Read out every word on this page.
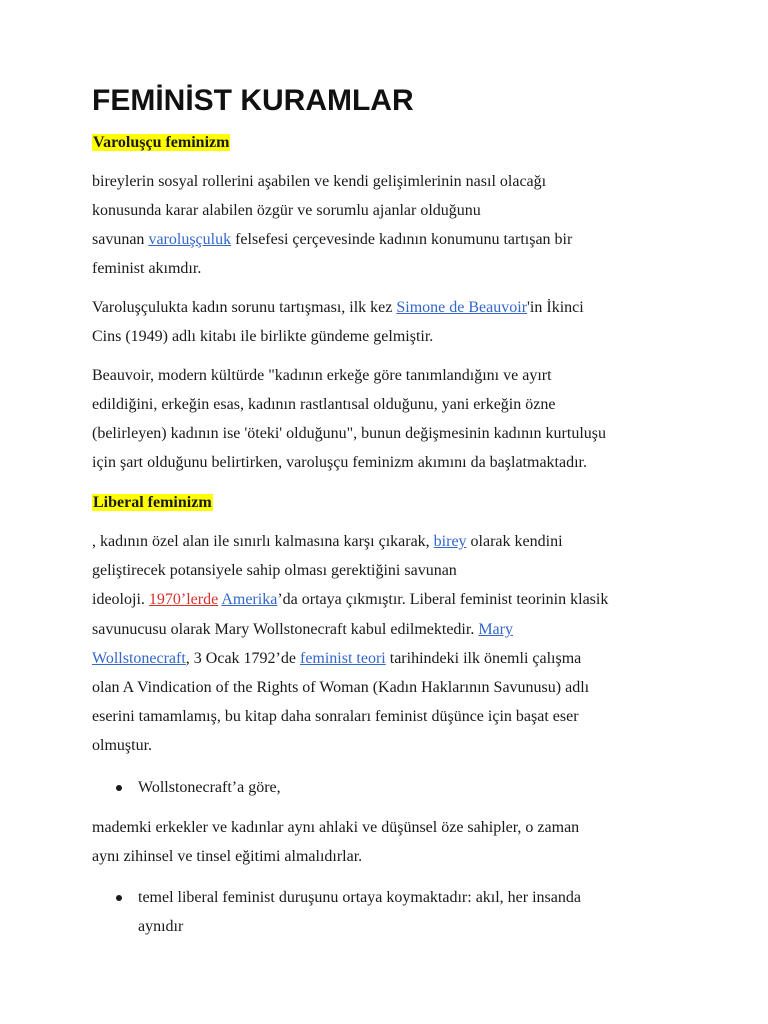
FEMİNİST KURAMLAR

Varoluşçu feminizm

bireylerin sosyal rollerini aşabilen ve kendi gelişimlerinin nasıl olacağı

konusunda karar alabilen özgür ve sorumlu ajanlar olduğunu

savunan varoluşçuluk felsefesi çerçevesinde kadının konumunu tartışan bir

feminist akımdır.

Varoluşçulukta kadın sorunu tartışması, ilk kez Simone de Beauvoir'in İkinci

Cins (1949) adlı kitabı ile birlikte gündeme gelmiştir.

Beauvoir, modern kültürde "kadının erkeğe göre tanımlandığını ve ayırt

edildiğini, erkeğin esas, kadının rastlantısal olduğunu, yani erkeğin özne

(belirleyen) kadının ise 'öteki' olduğunu", bunun değişmesinin kadının kurtuluşu

için şart olduğunu belirtirken, varoluşçu feminizm akımını da başlatmaktadır.

Liberal feminizm

, kadının özel alan ile sınırlı kalmasına karşı çıkarak, birey olarak kendini

geliştirecek potansiyele sahip olması gerektiğini savunan

ideoloji. 1970’lerde Amerika’da ortaya çıkmıştır. Liberal feminist teorinin klasik

savunucusu olarak Mary Wollstonecraft kabul edilmektedir. Mary

Wollstonecraft, 3 Ocak 1792’de feminist teori tarihindeki ilk önemli çalışma

olan A Vindication of the Rights of Woman (Kadın Haklarının Savunusu) adlı

eserini tamamlamış, bu kitap daha sonraları feminist düşünce için başat eser

olmuştur.

Wollstonecraft’a göre,

mademki erkekler ve kadınlar aynı ahlaki ve düşünsel öze sahipler, o zaman

aynı zihinsel ve tinsel eğitimi almalıdırlar.

temel liberal feminist duruşunu ortaya koymaktadır: akıl, her insanda

aynıdır
